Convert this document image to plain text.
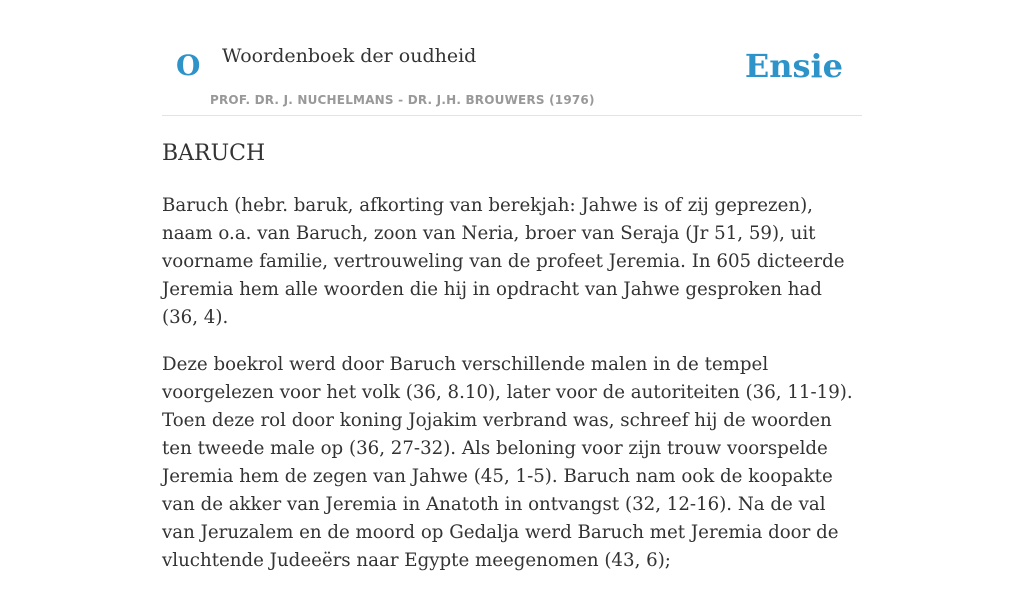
O Woordenboek der oudheid
PROF. DR. J. NUCHELMANS - DR. J.H. BROUWERS (1976)
Ensie
BARUCH

Baruch (hebr. baruk, afkorting van berekjah: Jahwe is of zij geprezen), naam o.a. van Baruch, zoon van Neria, broer van Seraja (Jr 51, 59), uit voorname familie, vertrouweling van de profeet Jeremia. In 605 dicteerde Jeremia hem alle woorden die hij in opdracht van Jahwe gesproken had (36, 4).

Deze boekrol werd door Baruch verschillende malen in de tempel voorgelezen voor het volk (36, 8.10), later voor de autoriteiten (36, 11-19). Toen deze rol door koning Jojakim verbrand was, schreef hij de woorden ten tweede male op (36, 27-32). Als beloning voor zijn trouw voorspelde Jeremia hem de zegen van Jahwe (45, 1-5). Baruch nam ook de koopakte van de akker van Jeremia in Anatoth in ontvangst (32, 12-16). Na de val van Jeruzalem en de moord op Gedalja werd Baruch met Jeremia door de vluchtende Judeeërs naar Egypte meegenomen (43, 6);
